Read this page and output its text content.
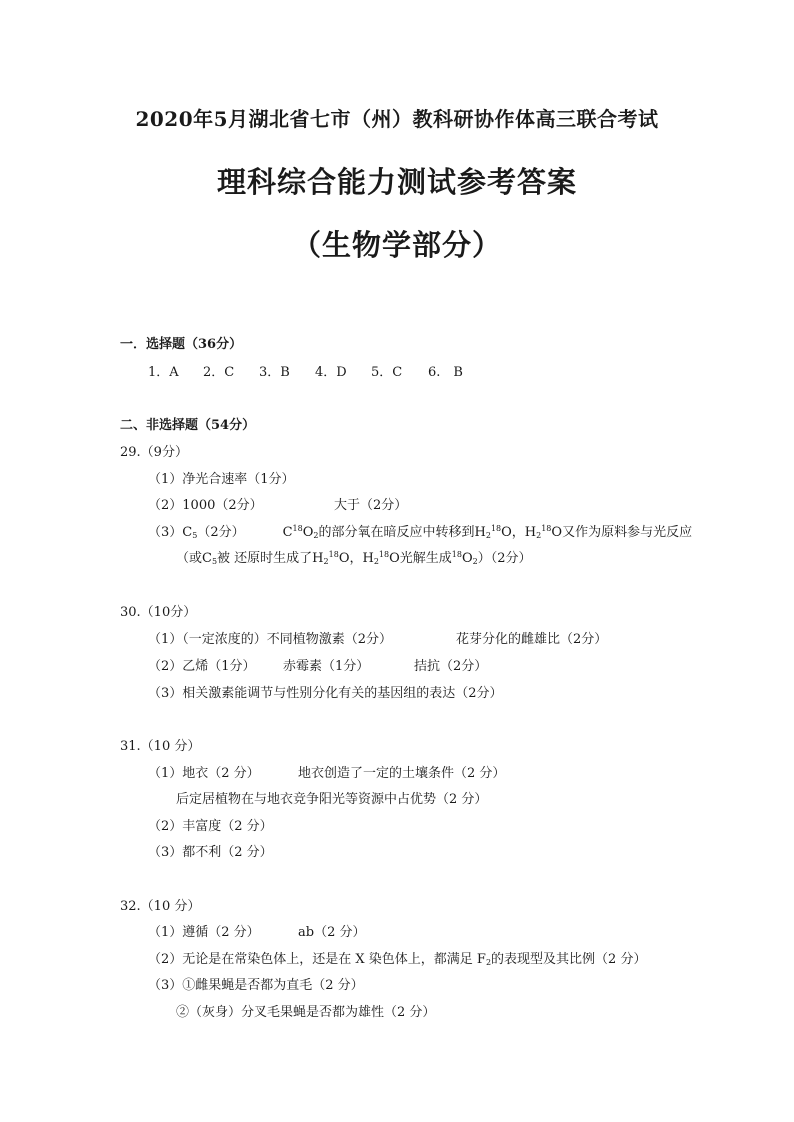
2020年5月湖北省七市（州）教科研协作体高三联合考试
理科综合能力测试参考答案
（生物学部分）
一．选择题（36分）
1．A 2．C 3．B 4．D 5．C 6.　B
二、非选择题（54分）
29.（9分）
（1）净光合速率（1分）
（2）1000（2分）	大于（2分）
$(3)C_5(2$分）	$C^{18}O_2$的部分氧在暗反应中转移到$H_2^{18}O$，$H_2^{18}O$又作为原料参与光反应
（或$C_5$被 还原时生成了$H_2^{18}O$，$H_2^{18}O$光解生成$^{18}O_2)(2$分）
30.（10分）
（1）（一定浓度的）不同植物激素（2分）	花芽分化的雌雄比（2分）
（2）乙烯（1分） 赤霉素（1分）	拮抗（2分）
（3）相关激素能调节与性别分化有关的基因组的表达（2分）
31.（10 分）
（1）地衣（2 分）	地衣创造了一定的土壤条件（2 分）
后定居植物在与地衣竞争阳光等资源中占优势（2 分）
（2）丰富度（2 分）
（3）都不利（2 分）
32.（10 分）
（1）遵循（2 分）	ab（2 分）
（2）无论是在常染色体上，还是在 X 染色体上，都满足 $F_2$的表现型及其比例（2 分）
（3）①雌果蝇是否都为直毛（2 分）
②（灰身）分叉毛果蝇是否都为雄性（2 分）
